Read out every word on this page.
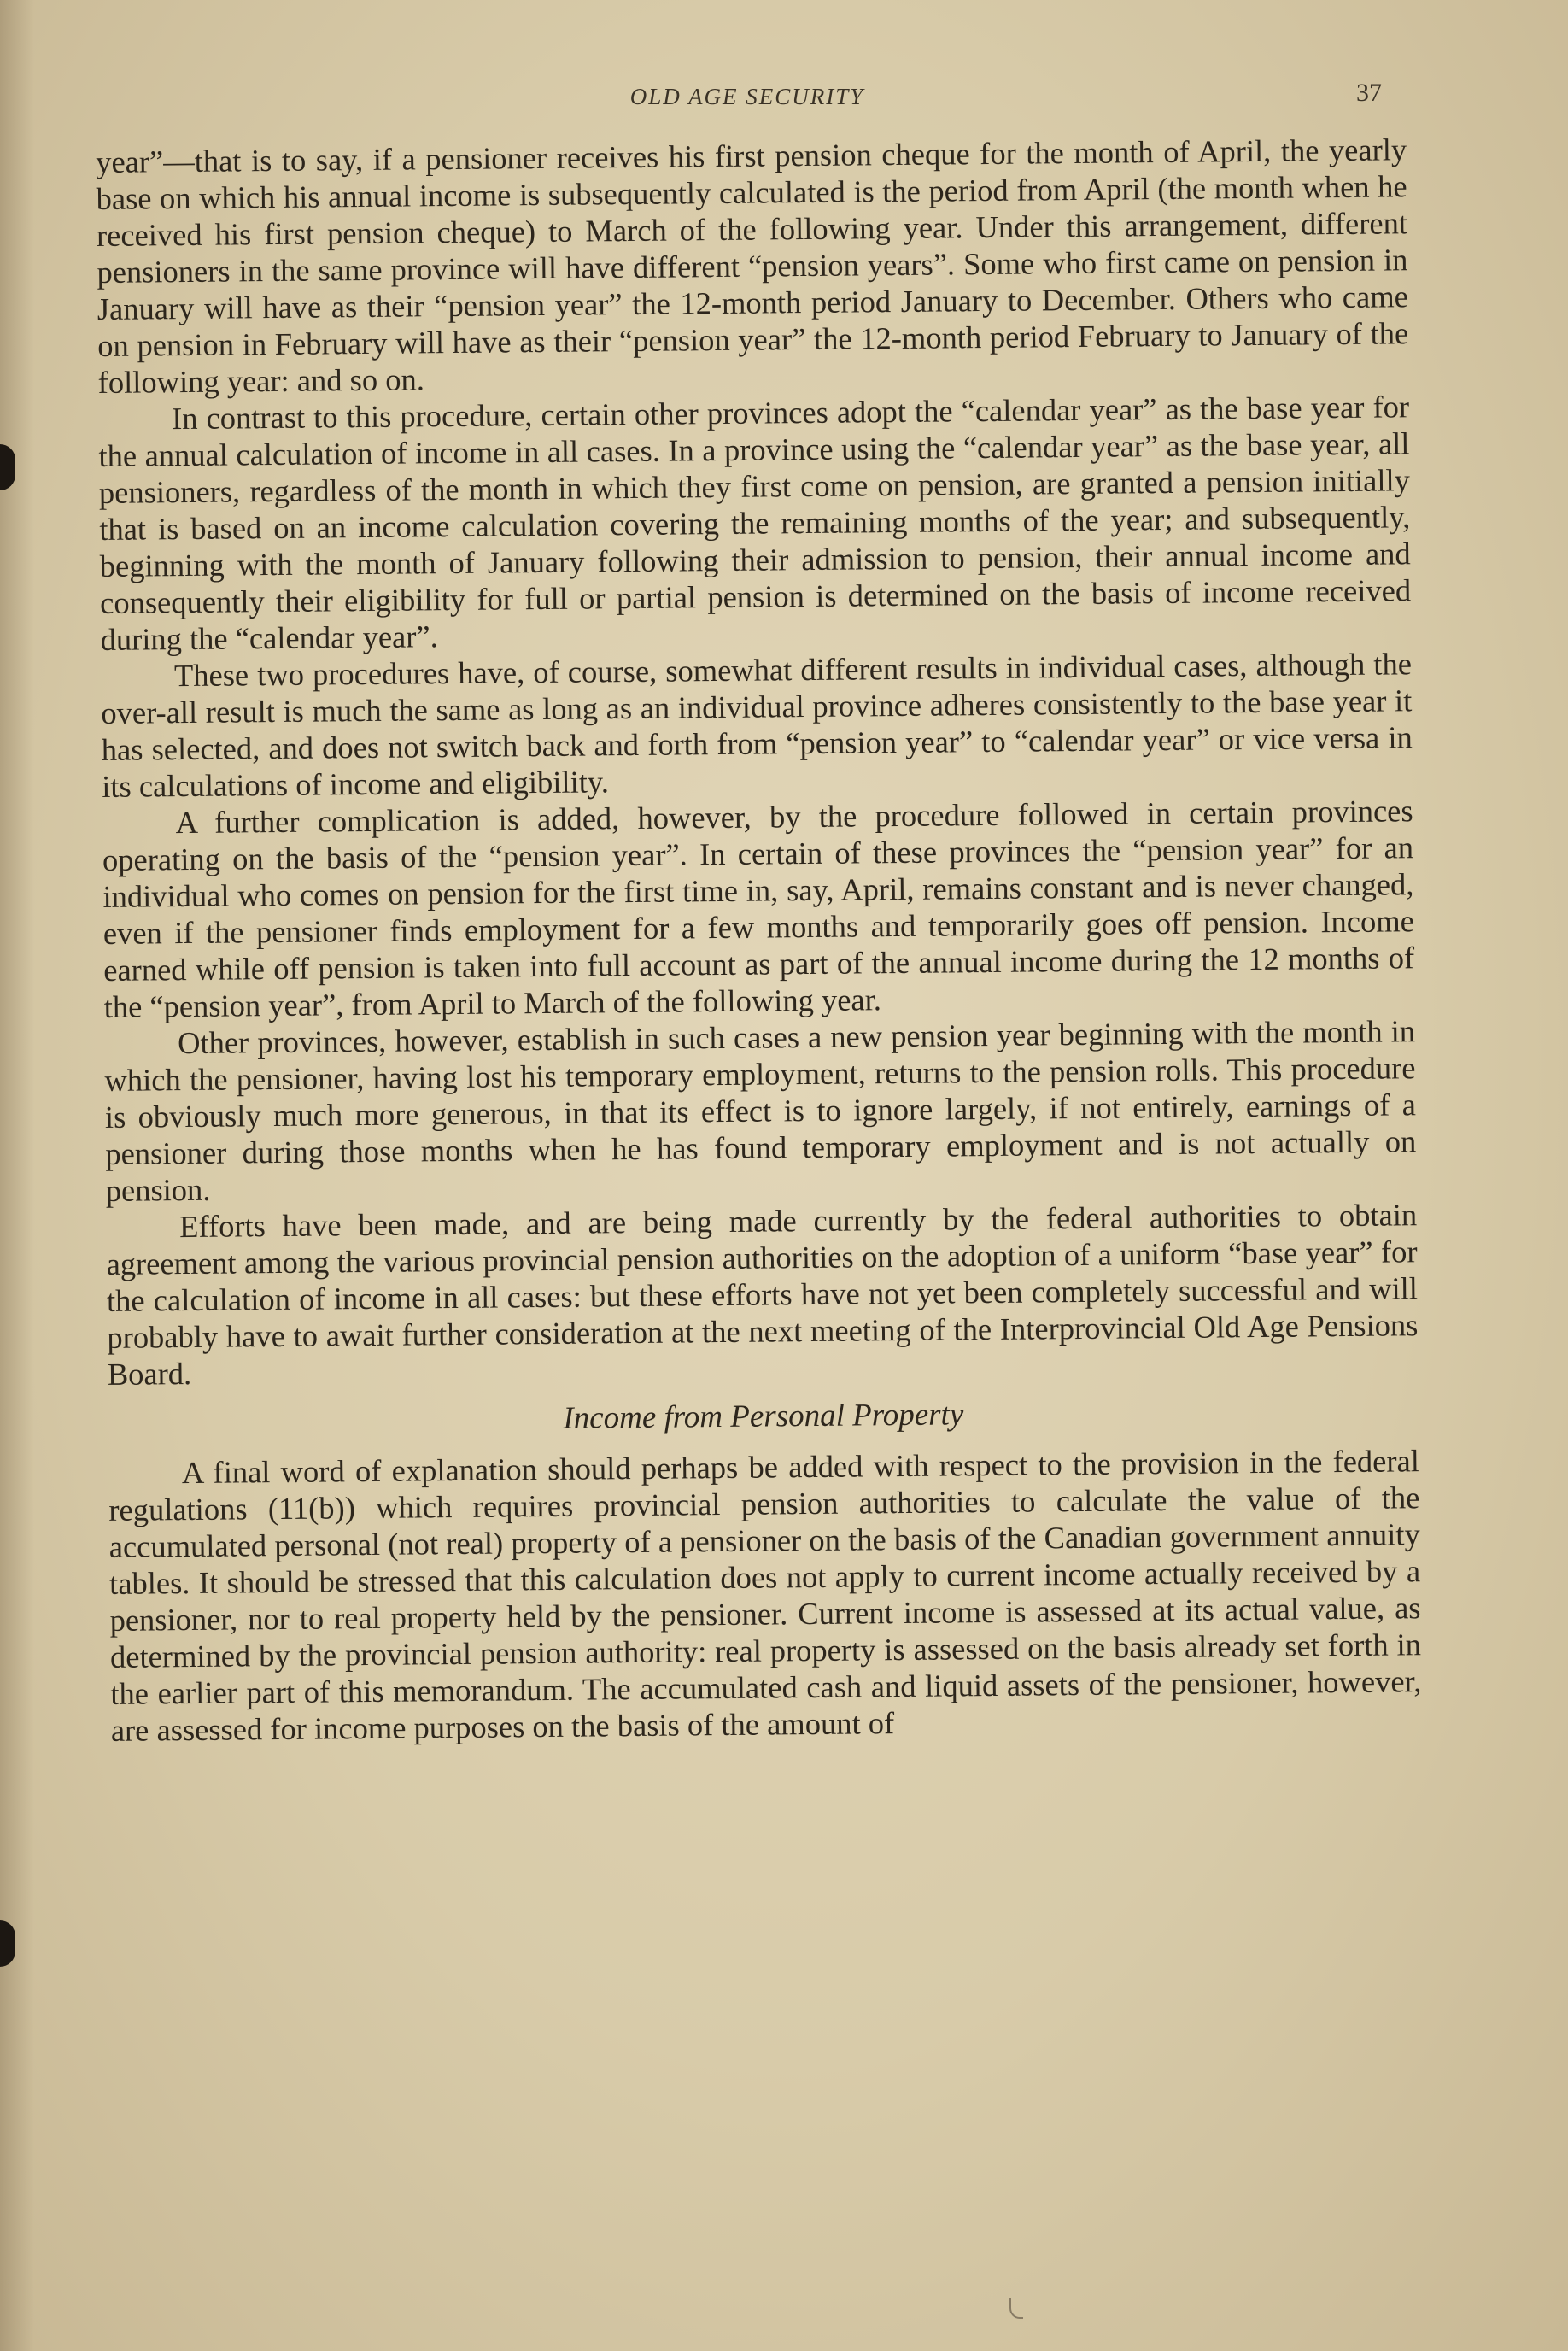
OLD AGE SECURITY	37

year”—that is to say, if a pensioner receives his first pension cheque for the month of April, the yearly base on which his annual income is subsequently calculated is the period from April (the month when he received his first pension cheque) to March of the following year. Under this arrangement, different pensioners in the same province will have different “pension years”. Some who first came on pension in January will have as their “pension year” the 12-month period January to December. Others who came on pension in February will have as their “pension year” the 12-month period February to January of the following year: and so on.

In contrast to this procedure, certain other provinces adopt the “calendar year” as the base year for the annual calculation of income in all cases. In a province using the “calendar year” as the base year, all pensioners, regardless of the month in which they first come on pension, are granted a pension initially that is based on an income calculation covering the remaining months of the year; and subsequently, beginning with the month of January following their admission to pension, their annual income and consequently their eligibility for full or partial pension is determined on the basis of income received during the “calendar year”.

These two procedures have, of course, somewhat different results in individual cases, although the over-all result is much the same as long as an individual province adheres consistently to the base year it has selected, and does not switch back and forth from “pension year” to “calendar year” or vice versa in its calculations of income and eligibility.

A further complication is added, however, by the procedure followed in certain provinces operating on the basis of the “pension year”. In certain of these provinces the “pension year” for an individual who comes on pension for the first time in, say, April, remains constant and is never changed, even if the pensioner finds employment for a few months and temporarily goes off pension. Income earned while off pension is taken into full account as part of the annual income during the 12 months of the “pension year”, from April to March of the following year.

Other provinces, however, establish in such cases a new pension year beginning with the month in which the pensioner, having lost his temporary employment, returns to the pension rolls. This procedure is obviously much more generous, in that its effect is to ignore largely, if not entirely, earnings of a pensioner during those months when he has found temporary employment and is not actually on pension.

Efforts have been made, and are being made currently by the federal authorities to obtain agreement among the various provincial pension authorities on the adoption of a uniform “base year” for the calculation of income in all cases: but these efforts have not yet been completely successful and will probably have to await further consideration at the next meeting of the Interprovincial Old Age Pensions Board.

Income from Personal Property

A final word of explanation should perhaps be added with respect to the provision in the federal regulations (11(b)) which requires provincial pension authorities to calculate the value of the accumulated personal (not real) property of a pensioner on the basis of the Canadian government annuity tables. It should be stressed that this calculation does not apply to current income actually received by a pensioner, nor to real property held by the pensioner. Current income is assessed at its actual value, as determined by the provincial pension authority: real property is assessed on the basis already set forth in the earlier part of this memorandum. The accumulated cash and liquid assets of the pensioner, however, are assessed for income purposes on the basis of the amount of
